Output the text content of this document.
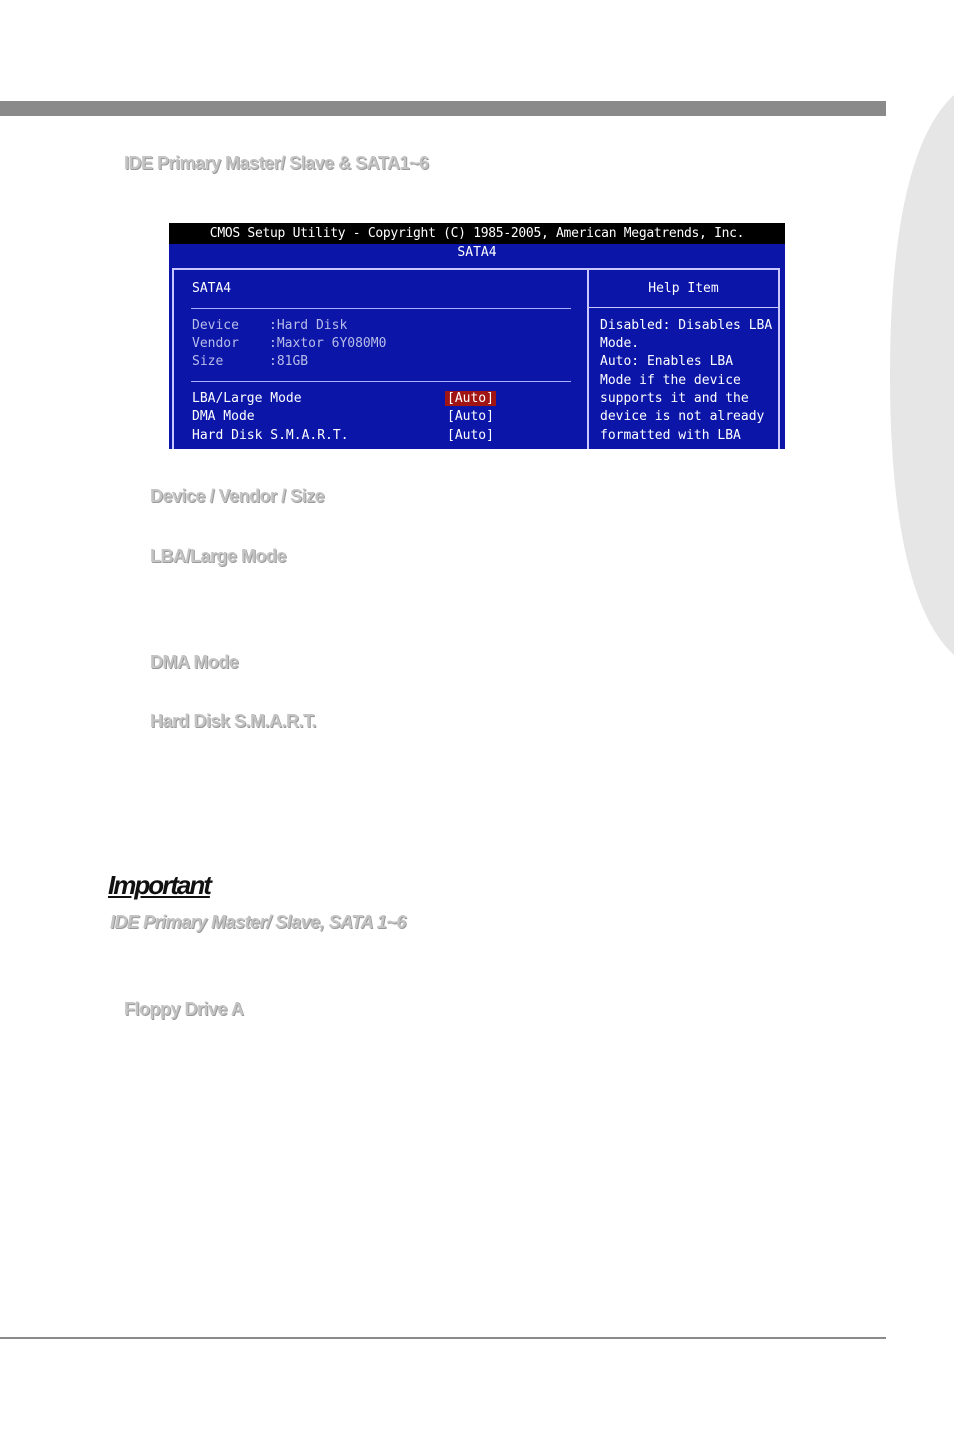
IDE Primary Master/ Slave & SATA1~6
CMOS Setup Utility - Copyright (C) 1985-2005, American Megatrends, Inc.
SATA4
SATA4
Device :Hard Disk
Vendor :Maxtor 6Y080M0
Size	:81GB
LBA/Large Mode	[Auto]
DMA Mode	[Auto]
Hard Disk S.M.A.R.T.	[Auto]
Help Item
Disabled: Disables LBA
Mode.
Auto: Enables LBA
Mode if the device
supports it and the
device is not already
formatted with LBA
Device / Vendor / Size
LBA/Large Mode
DMA Mode
Hard Disk S.M.A.R.T.
Important
IDE Primary Master/ Slave, SATA 1~6
Floppy Drive A
